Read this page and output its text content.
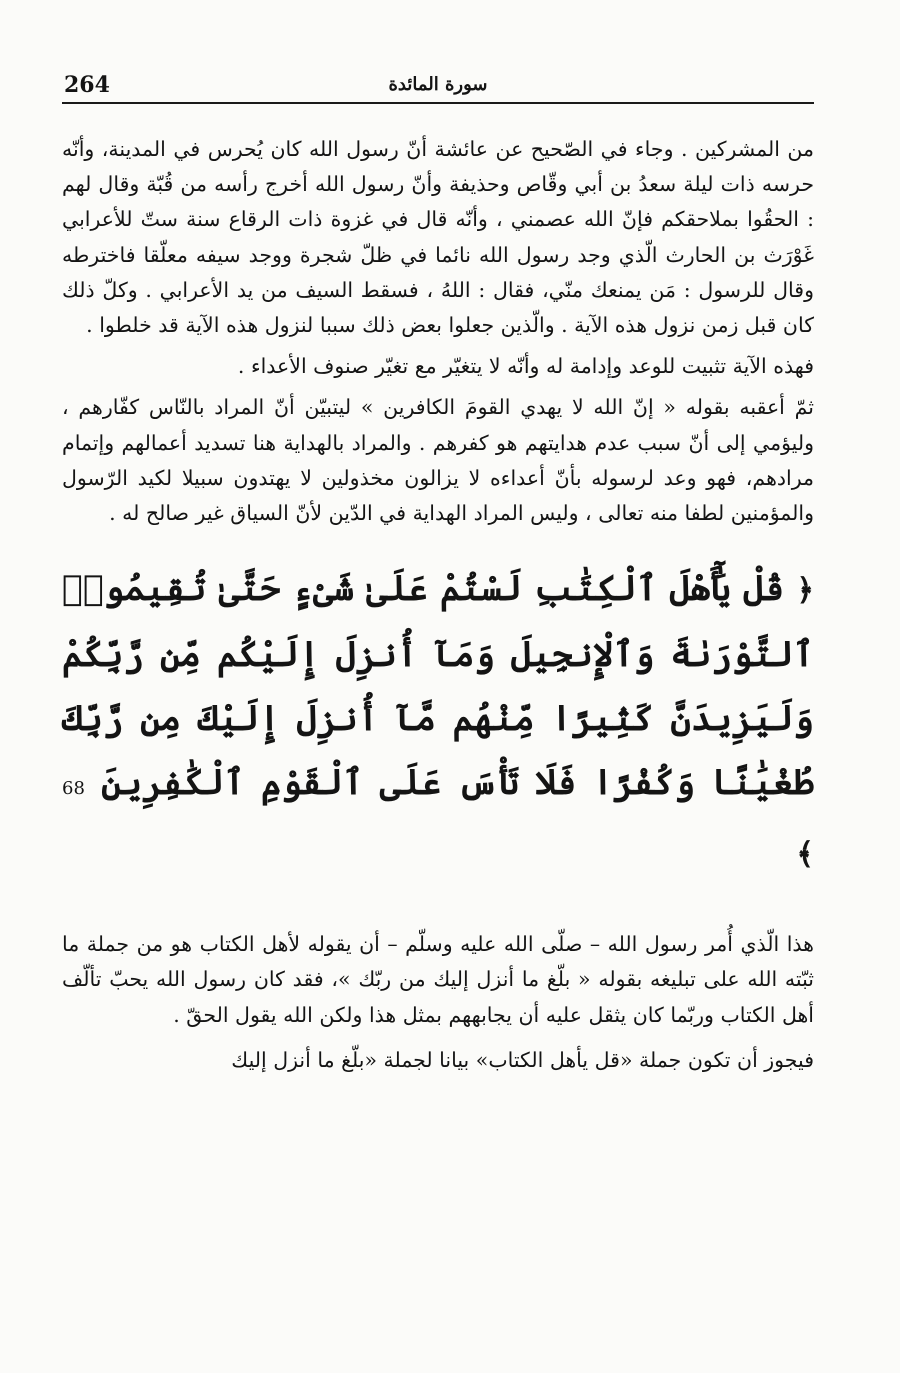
264	سورة المائدة

من المشركين . وجاء في الصّحيح عن عائشة أنّ رسول الله كان يُحرس في المدينة، وأنّه حرسه ذات ليلة سعدُ بن أبي وقّاص وحذيفة وأنّ رسول الله أخرج رأسه من قُبّة وقال لهم : الحقُوا بملاحقكم فإنّ الله عصمني ، وأنّه قال في غزوة ذات الرقاع سنة ستّ للأعرابي غَوْرَث بن الحارث الّذي وجد رسول الله نائما في ظلّ شجرة ووجد سيفه معلّقا فاخترطه وقال للرسول : مَن يمنعك منّي، فقال : اللهُ ، فسقط السيف من يد الأعرابي . وكلّ ذلك كان قبل زمن نزول هذه الآية . والّذين جعلوا بعض ذلك سببا لنزول هذه الآية قد خلطوا .

فهذه الآية تثبيت للوعد وإدامة له وأنّه لا يتغيّر مع تغيّر صنوف الأعداء .

ثمّ أعقبه بقوله « إنّ الله لا يهدي القومَ الكافرين » ليتبيّن أنّ المراد بالنّاس كفّارهم ، وليؤمي إلى أنّ سبب عدم هدايتهم هو كفرهم . والمراد بالهداية هنا تسديد أعمالهم وإتمام مرادهم، فهو وعد لرسوله بأنّ أعداءه لا يزالون مخذولين لا يهتدون سبيلا لكيد الرّسول والمؤمنين لطفا منه تعالى ، وليس المراد الهداية في الدّين لأنّ السياق غير صالح له .

﴿ قُلْ يَٰٓأَهْلَ ٱلْكِتَٰبِ لَسْتُمْ عَلَىٰ شَىْءٍ حَتَّىٰ تُقِيمُوا۟ ٱلتَّوْرَىٰةَ وَٱلْإِنجِيلَ وَمَآ أُنزِلَ إِلَيْكُم مِّن رَّبِّكُمْ وَلَيَزِيدَنَّ كَثِيرًا مِّنْهُم مَّآ أُنزِلَ إِلَيْكَ مِن رَّبِّكَ طُغْيَٰنًا وَكُفْرًا فَلَا تَأْسَ عَلَى ٱلْقَوْمِ ٱلْكَٰفِرِينَ 68 ﴾

هذا الّذي أُمر رسول الله – صلّى الله عليه وسلّم – أن يقوله لأهل الكتاب هو من جملة ما ثبّته الله على تبليغه بقوله « بلّغ ما أنزل إليك من ربّك »، فقد كان رسول الله يحبّ تألّف أهل الكتاب وربّما كان يثقل عليه أن يجابههم بمثل هذا ولكن الله يقول الحقّ .

فيجوز أن تكون جملة «قل يأهل الكتاب» بيانا لجملة «بلّغ ما أنزل إليك
